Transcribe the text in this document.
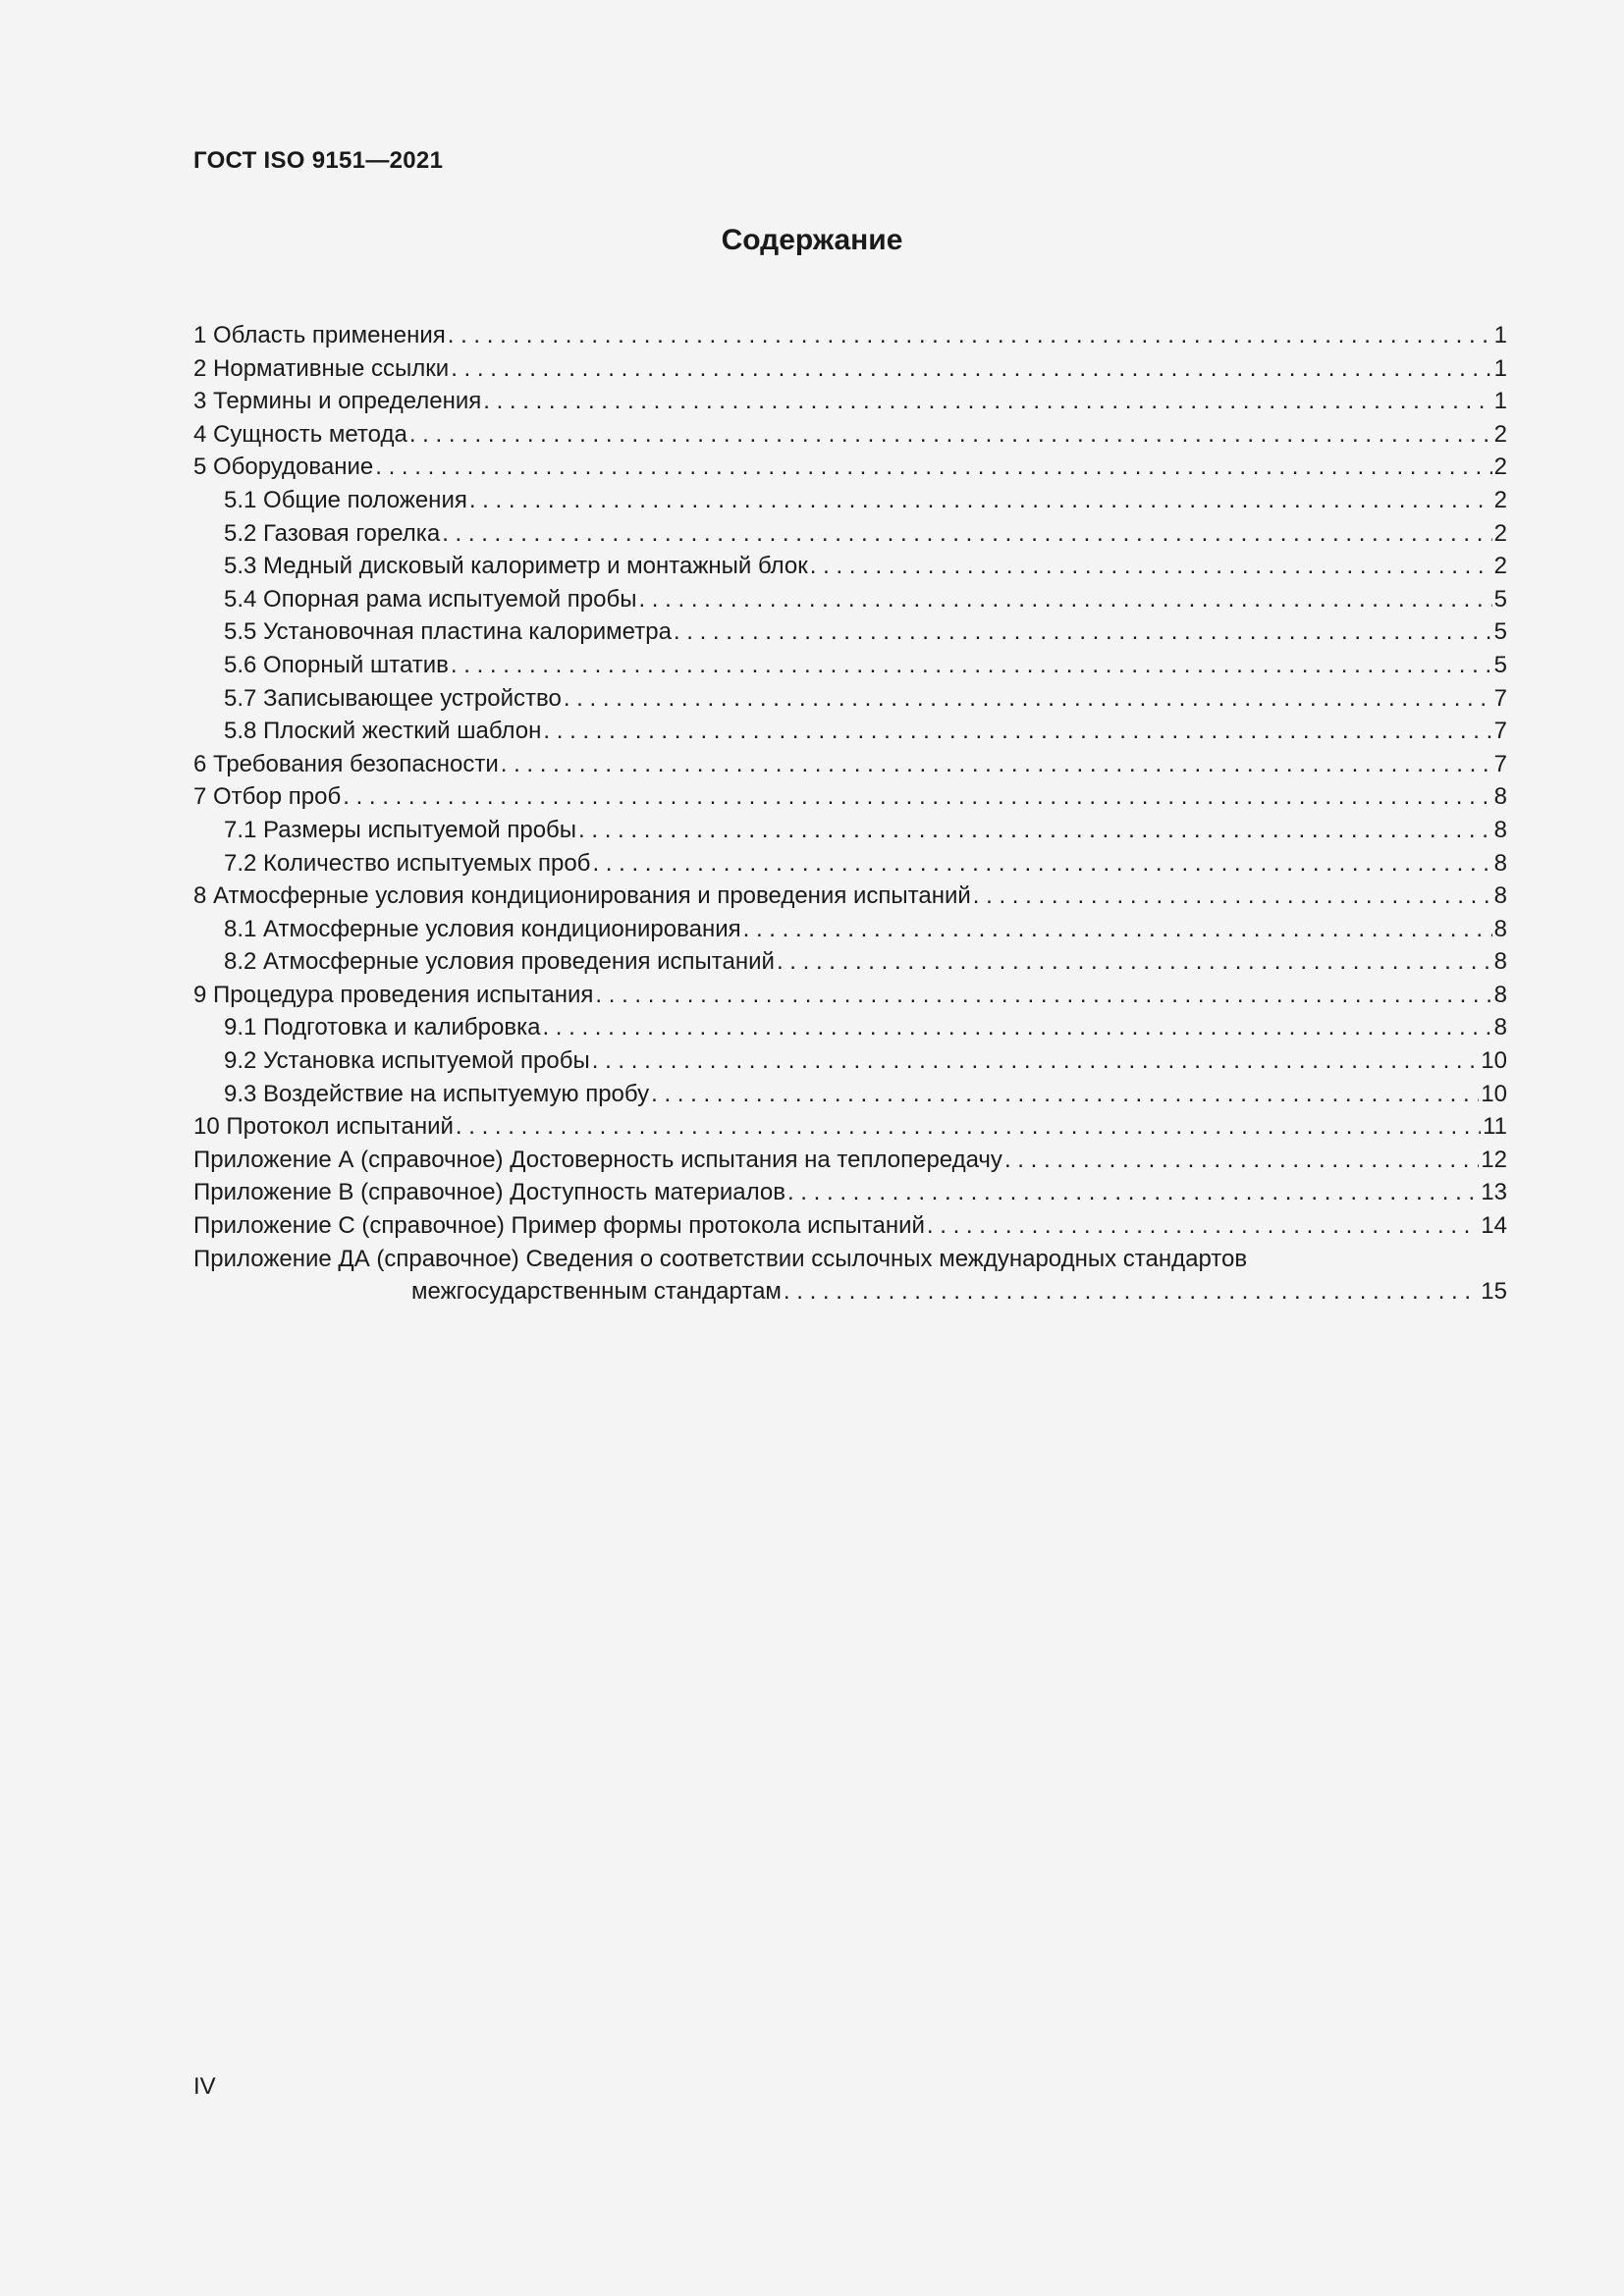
ГОСТ ISO 9151—2021
Содержание
1 Область применения . . .	1
2 Нормативные ссылки . . .	1
3 Термины и определения . . .	1
4 Сущность метода . . .	2
5 Оборудование . . .	2
5.1 Общие положения . . .	2
5.2 Газовая горелка . . .	2
5.3 Медный дисковый калориметр и монтажный блок . . .	2
5.4 Опорная рама испытуемой пробы . . .	5
5.5 Установочная пластина калориметра . . .	5
5.6 Опорный штатив . . .	5
5.7 Записывающее устройство . . .	7
5.8 Плоский жесткий шаблон . . .	7
6 Требования безопасности . . .	7
7 Отбор проб . . .	8
7.1 Размеры испытуемой пробы . . .	8
7.2 Количество испытуемых проб . . .	8
8 Атмосферные условия кондиционирования и проведения испытаний . . .	8
8.1 Атмосферные условия кондиционирования . . .	8
8.2 Атмосферные условия проведения испытаний . . .	8
9 Процедура проведения испытания . . .	8
9.1 Подготовка и калибровка . . .	8
9.2 Установка испытуемой пробы . . .	10
9.3 Воздействие на испытуемую пробу . . .	10
10 Протокол испытаний . . .	11
Приложение А (справочное) Достоверность испытания на теплопередачу . . .	12
Приложение В (справочное) Доступность материалов . . .	13
Приложение С (справочное) Пример формы протокола испытаний . . .	14
Приложение ДА (справочное) Сведения о соответствии ссылочных международных стандартов
межгосударственным стандартам . . .	15
IV
